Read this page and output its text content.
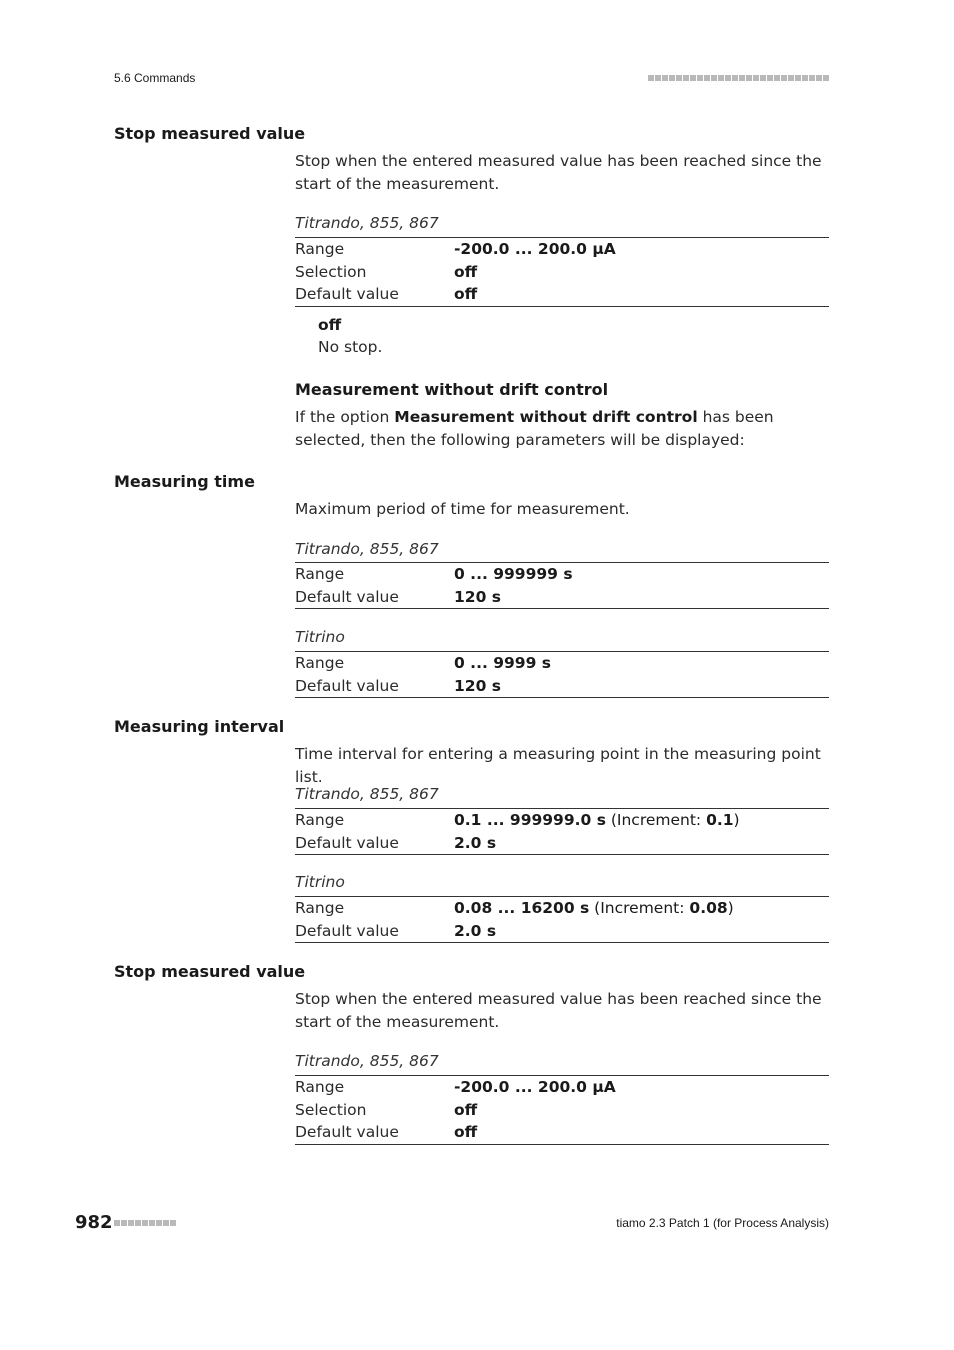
5.6 Commands
Stop measured value
Stop when the entered measured value has been reached since the start of the measurement.
Titrando, 855, 867
Range	-200.0 ... 200.0 µA
Selection	off
Default value	off
off
No stop.
Measurement without drift control
If the option Measurement without drift control has been selected, then the following parameters will be displayed:
Measuring time
Maximum period of time for measurement.
Titrando, 855, 867
Range	0 ... 999999 s
Default value	120 s
Titrino
Range	0 ... 9999 s
Default value	120 s
Measuring interval
Time interval for entering a measuring point in the measuring point list.
Titrando, 855, 867
Range	0.1 ... 999999.0 s (Increment: 0.1)
Default value	2.0 s
Titrino
Range	0.08 ... 16200 s (Increment: 0.08)
Default value	2.0 s
Stop measured value
Stop when the entered measured value has been reached since the start of the measurement.
Titrando, 855, 867
Range	-200.0 ... 200.0 µA
Selection	off
Default value	off
982	tiamo 2.3 Patch 1 (for Process Analysis)
